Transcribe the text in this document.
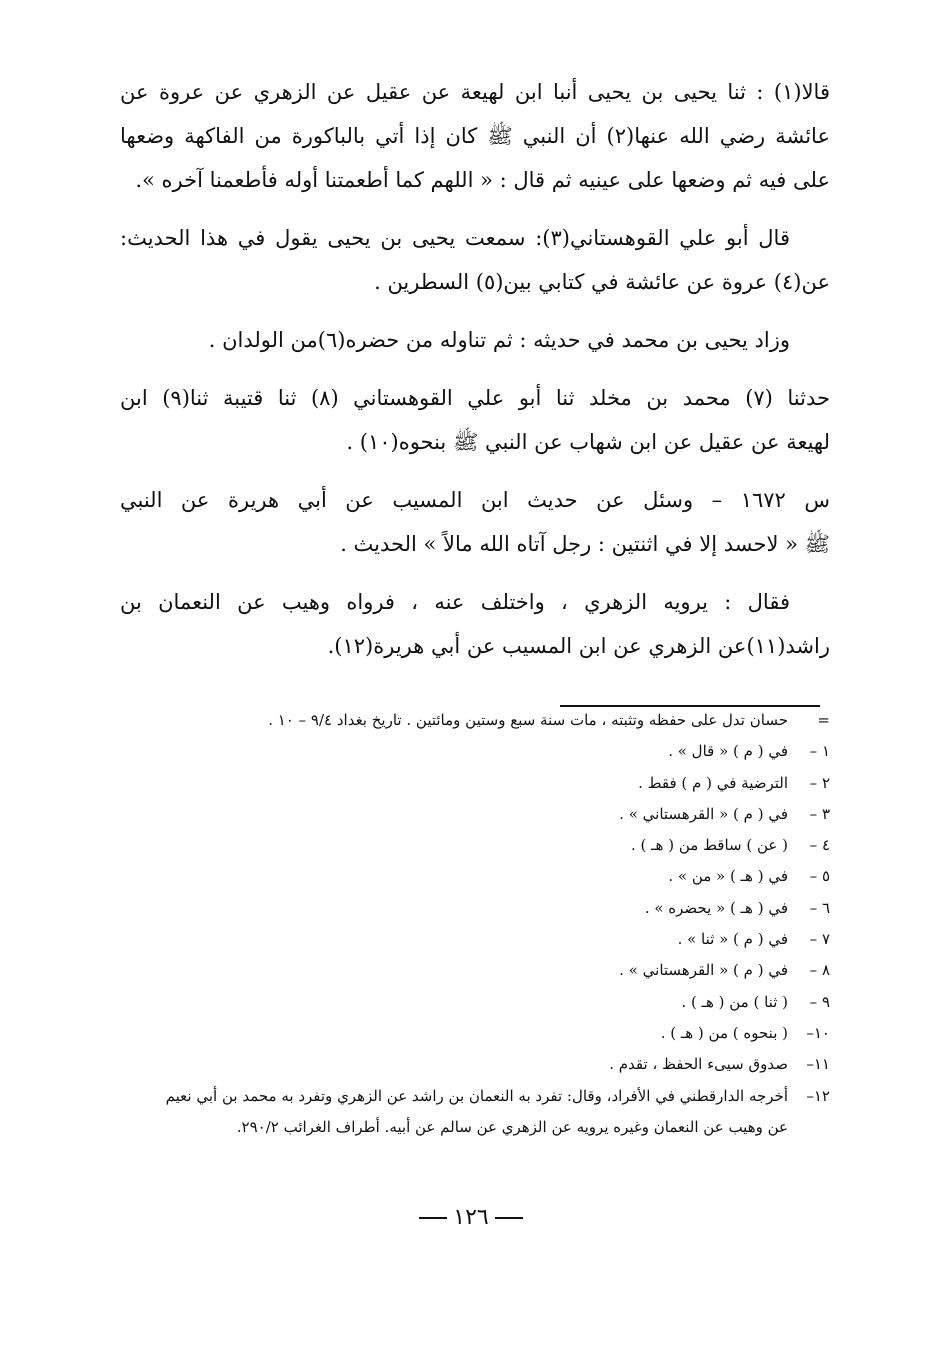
قالا(١) : ثنا يحيى بن يحيى أنبا ابن لهيعة عن عقيل عن الزهري عن عروة عن
عائشة رضي الله عنها(٢) أن النبي ﷺ كان إذا أتي بالباكورة من الفاكهة وضعها
على فيه ثم وضعها على عينيه ثم قال : « اللهم كما أطعمتنا أوله فأطعمنا آخره ».
قال أبو علي القوهستاني(٣): سمعت يحيى بن يحيى يقول في هذا الحديث:
عن(٤) عروة عن عائشة في كتابي بين(٥) السطرين .
وزاد يحيى بن محمد في حديثه : ثم تناوله من حضره(٦)من الولدان .
حدثنا (٧) محمد بن مخلد ثنا أبو علي القوهستاني (٨) ثنا قتيبة ثنا(٩) ابن
لهيعة عن عقيل عن ابن شهاب عن النبي ﷺ بنحوه(١٠) .
س ١٦٧٢ – وسئل عن حديث ابن المسيب عن أبي هريرة عن النبي
ﷺ « لاحسد إلا في اثنتين : رجل آتاه الله مالاً » الحديث .
فقال : يرويه الزهري ، واختلف عنه ، فرواه وهيب عن النعمان بن
راشد(١١)عن الزهري عن ابن المسيب عن أبي هريرة(١٢).
=
حسان تدل على حفظه وتثبته ، مات سنة سبع وستين ومائتين . تاريخ بغداد ٩/٤ – ١٠ .
١ –
في ( م ) « قال » .
٢ –
الترضية في ( م ) فقط .
٣ –
في ( م ) « القرهستاني » .
٤ –
( عن ) ساقط من ( هـ ) .
٥ –
في ( هـ ) « من » .
٦ –
في ( هـ ) « يحضره » .
٧ –
في ( م ) « ثنا » .
٨ –
في ( م ) « القرهستاني » .
٩ –
( ثنا ) من ( هـ ) .
١٠–
( بنحوه ) من ( هـ ) .
١١–
صدوق سيىء الحفظ ، تقدم .
١٢–
أخرجه الدارقطني في الأفراد، وقال: تفرد به النعمان بن راشد عن الزهري وتفرد به محمد بن أبي نعيم
عن وهيب عن النعمان وغيره يرويه عن الزهري عن سالم عن أبيه. أطراف الغرائب ٢٩٠/٢.
١٢٦
